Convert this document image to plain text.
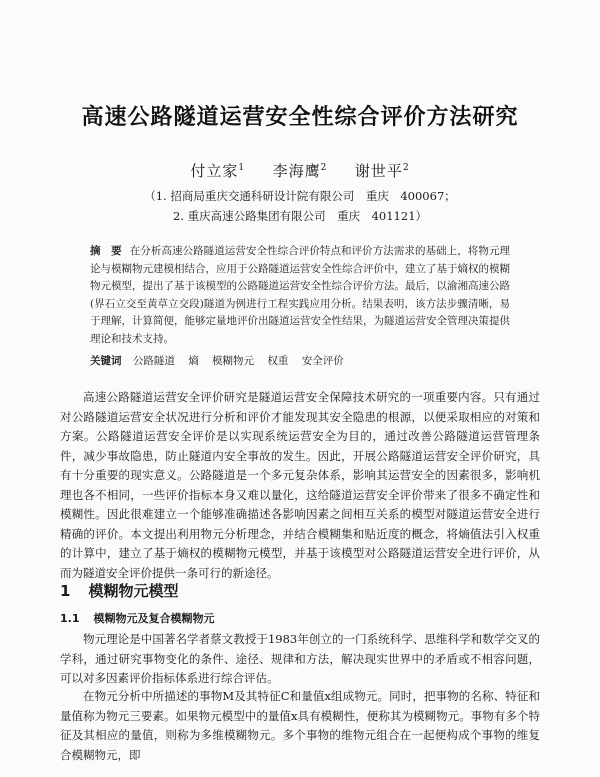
高速公路隧道运营安全性综合评价方法研究
付立家$^1$   李海鹰$^2$   谢世平$^2$
（1. 招商局重庆交通科研设计院有限公司　重庆　400067；
2. 重庆高速公路集团有限公司　重庆　401121）
摘　要 在分析高速公路隧道运营安全性综合评价特点和评价方法需求的基础上，将物元理论与模糊物元建模相结合，应用于公路隧道运营安全性综合评价中，建立了基于熵权的模糊物元模型，提出了基于该模型的公路隧道运营安全性综合评价方法。最后，以渝湘高速公路(界石立交至黄草立交段)隧道为例进行工程实践应用分析。结果表明，该方法步骤清晰，易于理解，计算简便，能够定量地评价出隧道运营安全性结果，为隧道运营安全管理决策提供理论和技术支持。
关键词 公路隧道 熵 模糊物元 权重 安全评价

高速公路隧道运营安全评价研究是隧道运营安全保障技术研究的一项重要内容。只有通过对公路隧道运营安全状况进行分析和评价才能发现其安全隐患的根源，以便采取相应的对策和方案。公路隧道运营安全评价是以实现系统运营安全为目的，通过改善公路隧道运营管理条件，减少事故隐患，防止隧道内安全事故的发生。因此，开展公路隧道运营安全评价研究，具有十分重要的现实意义。公路隧道是一个多元复杂体系，影响其运营安全的因素很多，影响机理也各不相同，一些评价指标本身又难以量化，这给隧道运营安全评价带来了很多不确定性和模糊性。因此很难建立一个能够准确描述各影响因素之间相互关系的模型对隧道运营安全进行精确的评价。本文提出利用物元分析理念，并结合模糊集和贴近度的概念，将熵值法引入权重的计算中，建立了基于熵权的模糊物元模型，并基于该模型对公路隧道运营安全进行评价，从而为隧道安全评价提供一条可行的新途径。

1 模糊物元模型
1.1 模糊物元及复合模糊物元

物元理论是中国著名学者蔡文教授于1983年创立的一门系统科学、思维科学和数学交叉的学科，通过研究事物变化的条件、途径、规律和方法，解决现实世界中的矛盾或不相容问题，可以对多因素评价指标体系进行综合评估。

在物元分析中所描述的事物M及其特征C和量值x组成物元。同时，把事物的名称、特征和量值称为物元三要素。如果物元模型中的量值x具有模糊性，便称其为模糊物元。事物有多个特征及其相应的量值，则称为多维模糊物元。多个事物的维物元组合在一起便构成个事物的维复合模糊物元，即
